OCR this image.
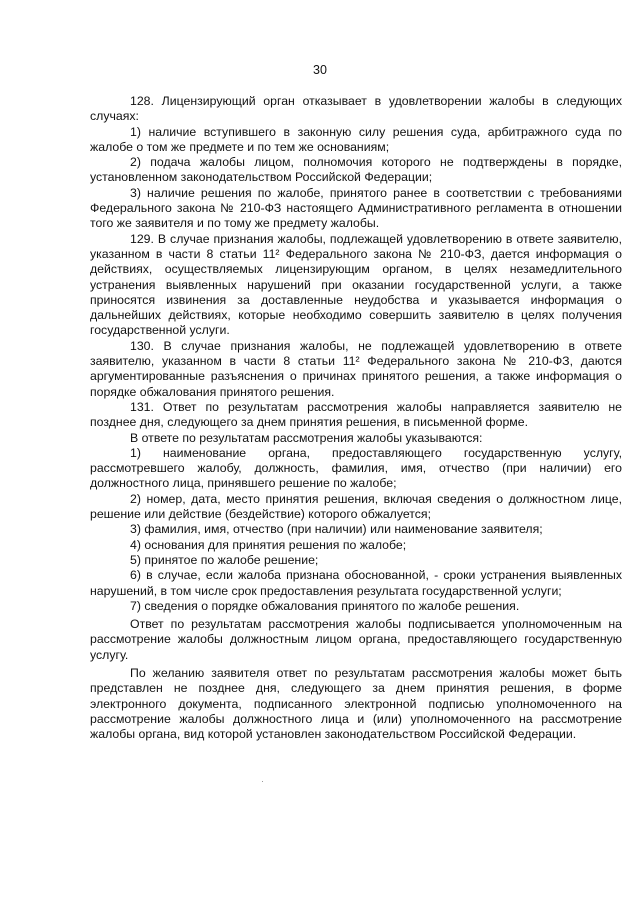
30

128. Лицензирующий орган отказывает в удовлетворении жалобы в следующих случаях:

1) наличие вступившего в законную силу решения суда, арбитражного суда по жалобе о том же предмете и по тем же основаниям;

2) подача жалобы лицом, полномочия которого не подтверждены в порядке, установленном законодательством Российской Федерации;

3) наличие решения по жалобе, принятого ранее в соответствии с требованиями Федерального закона № 210-ФЗ настоящего Административного регламента в отношении того же заявителя и по тому же предмету жалобы.

129. В случае признания жалобы, подлежащей удовлетворению в ответе заявителю, указанном в части 8 статьи 11² Федерального закона № 210-ФЗ, дается информация о действиях, осуществляемых лицензирующим органом, в целях незамедлительного устранения выявленных нарушений при оказании государственной услуги, а также приносятся извинения за доставленные неудобства и указывается информация о дальнейших действиях, которые необходимо совершить заявителю в целях получения государственной услуги.

130. В случае признания жалобы, не подлежащей удовлетворению в ответе заявителю, указанном в части 8 статьи 11² Федерального закона № 210-ФЗ, даются аргументированные разъяснения о причинах принятого решения, а также информация о порядке обжалования принятого решения.

131. Ответ по результатам рассмотрения жалобы направляется заявителю не позднее дня, следующего за днем принятия решения, в письменной форме.

В ответе по результатам рассмотрения жалобы указываются:

1) наименование органа, предоставляющего государственную услугу, рассмотревшего жалобу, должность, фамилия, имя, отчество (при наличии) его должностного лица, принявшего решение по жалобе;

2) номер, дата, место принятия решения, включая сведения о должностном лице, решение или действие (бездействие) которого обжалуется;

3) фамилия, имя, отчество (при наличии) или наименование заявителя;

4) основания для принятия решения по жалобе;

5) принятое по жалобе решение;

6) в случае, если жалоба признана обоснованной, - сроки устранения выявленных нарушений, в том числе срок предоставления результата государственной услуги;

7) сведения о порядке обжалования принятого по жалобе решения.

Ответ по результатам рассмотрения жалобы подписывается уполномоченным на рассмотрение жалобы должностным лицом органа, предоставляющего государственную услугу.

По желанию заявителя ответ по результатам рассмотрения жалобы может быть представлен не позднее дня, следующего за днем принятия решения, в форме электронного документа, подписанного электронной подписью уполномоченного на рассмотрение жалобы должностного лица и (или) уполномоченного на рассмотрение жалобы органа, вид которой установлен законодательством Российской Федерации.
